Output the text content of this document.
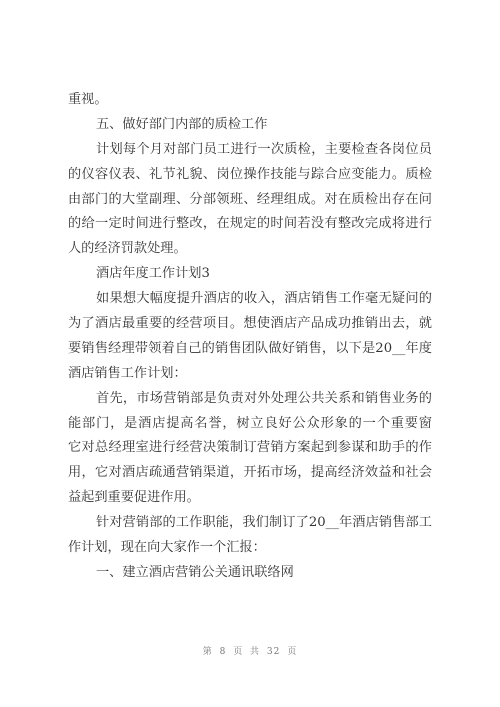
重视。
五、做好部门内部的质检工作
计划每个月对部门员工进行一次质检，主要检查各岗位员
的仪容仪表、礼节礼貌、岗位操作技能与踪合应变能力。质检
由部门的大堂副理、分部领班、经理组成。对在质检出存在问
的给一定时间进行整改，在规定的时间若没有整改完成将进行
人的经济罚款处理。
酒店年度工作计划3
如果想大幅度提升酒店的收入，酒店销售工作毫无疑问的
为了酒店最重要的经营项目。想使酒店产品成功推销出去，就
要销售经理带领着自己的销售团队做好销售，以下是20__年度
酒店销售工作计划：
首先，市场营销部是负责对外处理公共关系和销售业务的
能部门，是酒店提高名誉，树立良好公众形象的一个重要窗
它对总经理室进行经营决策制订营销方案起到参谋和助手的作
用，它对酒店疏通营销渠道，开拓市场，提高经济效益和社会
益起到重要促进作用。
针对营销部的工作职能，我们制订了20__年酒店销售部工
作计划，现在向大家作一个汇报：
一、建立酒店营销公关通讯联络网
第 8 页 共 32 页
